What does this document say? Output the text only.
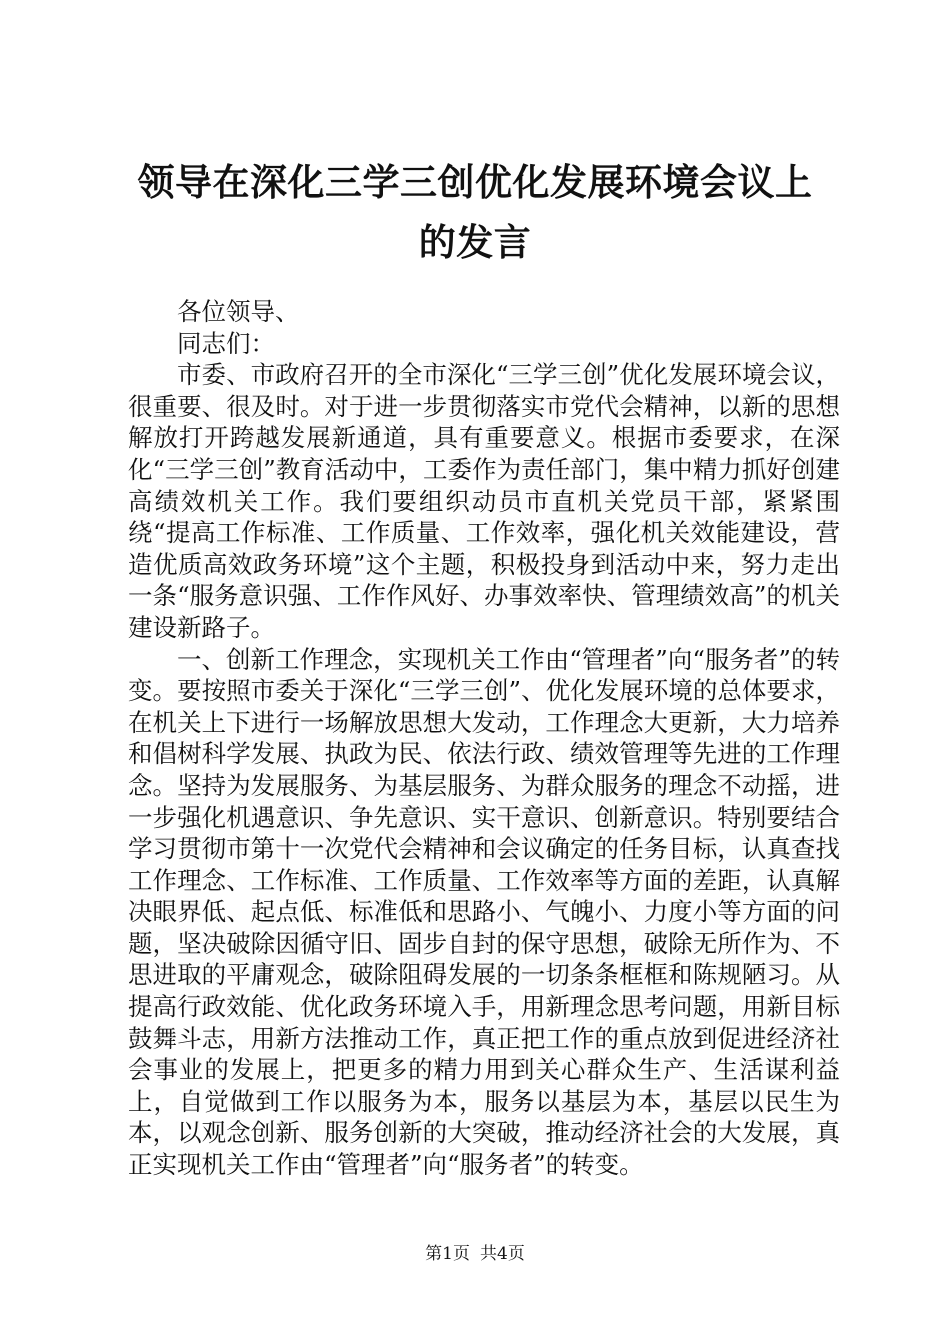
领导在深化三学三创优化发展环境会议上的发言

各位领导、

同志们：

市委、市政府召开的全市深化“三学三创”优化发展环境会议，很重要、很及时。对于进一步贯彻落实市党代会精神，以新的思想解放打开跨越发展新通道，具有重要意义。根据市委要求，在深化“三学三创”教育活动中，工委作为责任部门，集中精力抓好创建高绩效机关工作。我们要组织动员市直机关党员干部，紧紧围绕“提高工作标准、工作质量、工作效率，强化机关效能建设，营造优质高效政务环境”这个主题，积极投身到活动中来，努力走出一条“服务意识强、工作作风好、办事效率快、管理绩效高”的机关建设新路子。

一、创新工作理念，实现机关工作由“管理者”向“服务者”的转变。要按照市委关于深化“三学三创”、优化发展环境的总体要求，在机关上下进行一场解放思想大发动，工作理念大更新，大力培养和倡树科学发展、执政为民、依法行政、绩效管理等先进的工作理念。坚持为发展服务、为基层服务、为群众服务的理念不动摇，进一步强化机遇意识、争先意识、实干意识、创新意识。特别要结合学习贯彻市第十一次党代会精神和会议确定的任务目标，认真查找工作理念、工作标准、工作质量、工作效率等方面的差距，认真解决眼界低、起点低、标准低和思路小、气魄小、力度小等方面的问题，坚决破除因循守旧、固步自封的保守思想，破除无所作为、不思进取的平庸观念，破除阻碍发展的一切条条框框和陈规陋习。从提高行政效能、优化政务环境入手，用新理念思考问题，用新目标鼓舞斗志，用新方法推动工作，真正把工作的重点放到促进经济社会事业的发展上，把更多的精力用到关心群众生产、生活谋利益上，自觉做到工作以服务为本，服务以基层为本，基层以民生为本，以观念创新、服务创新的大突破，推动经济社会的大发展，真正实现机关工作由“管理者”向“服务者”的转变。

第1页 共4页
